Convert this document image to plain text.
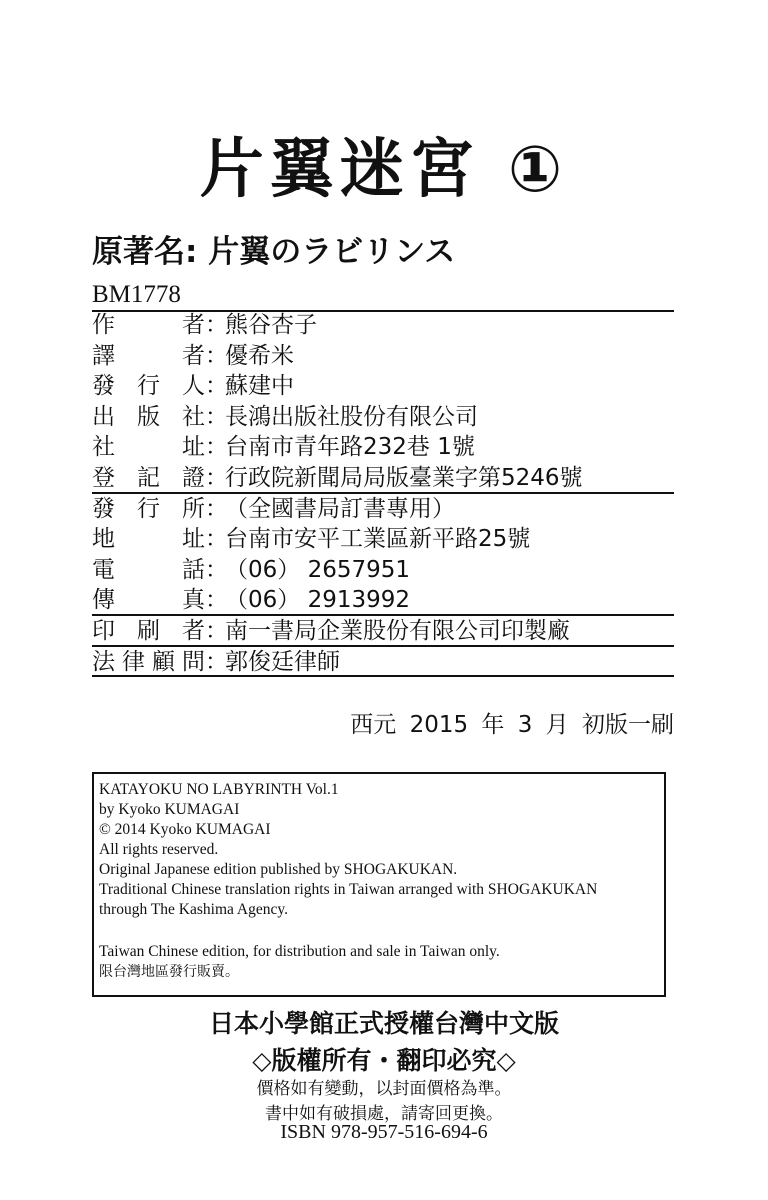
片翼迷宮 ①
原著名: 片翼のラビリンス
BM1778
作	者 ：
熊谷杏子
譯	者 ：
優希米
發 行 人 ：
蘇建中
出 版 社 ：
長鴻出版社股份有限公司
社	址 ：
台南市青年路232巷 1號
登 記 證 ：
行政院新聞局局版臺業字第5246號
發 行 所 ：
（全國書局訂書專用）
地	址 ：
台南市安平工業區新平路25號
電	話 ：
（06） 2657951
傳	真 ：
（06） 2913992
印 刷 者 ：
南一書局企業股份有限公司印製廠
法 律 顧 問 ：
郭俊廷律師
西元 2015 年 3 月 初版一刷
KATAYOKU NO LABYRINTH Vol.1
by Kyoko KUMAGAI
© 2014 Kyoko KUMAGAI
All rights reserved.
Original Japanese edition published by SHOGAKUKAN.
Traditional Chinese translation rights in Taiwan arranged with SHOGAKUKAN
through The Kashima Agency.
Taiwan Chinese edition, for distribution and sale in Taiwan only.
限台灣地區發行販賣。
日本小學館正式授權台灣中文版
◇版權所有・翻印必究◇
價格如有變動，以封面價格為準。
書中如有破損處，請寄回更換。
ISBN 978-957-516-694-6
